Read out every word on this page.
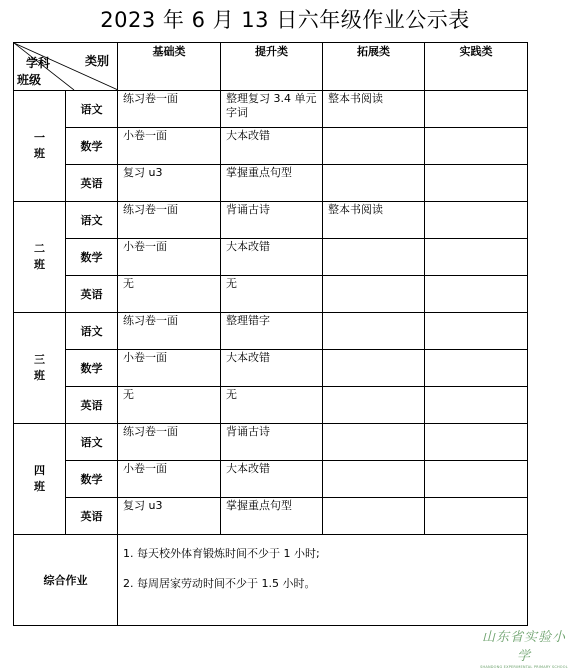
2023 年 6 月 13 日六年级作业公示表
学科 类别
班级		基础类	提升类	拓展类	实践类
一
班	语文	练习卷一面	整理复习 3.4 单元字词	整本书阅读	
	数学	小卷一面	大本改错		
	英语	复习 u3	掌握重点句型		
二
班	语文	练习卷一面	背诵古诗	整本书阅读	
	数学	小卷一面	大本改错		
	英语	无	无		
三
班	语文	练习卷一面	整理错字		
	数学	小卷一面	大本改错		
	英语	无	无		
四
班	语文	练习卷一面	背诵古诗		
	数学	小卷一面	大本改错		
	英语	复习 u3	掌握重点句型		
综合作业		1. 每天校外体育锻炼时间不少于 1 小时;

2. 每周居家劳动时间不少于 1.5 小时。			

山东省实验小学
SHANDONG EXPERIMENTAL PRIMARY SCHOOL
